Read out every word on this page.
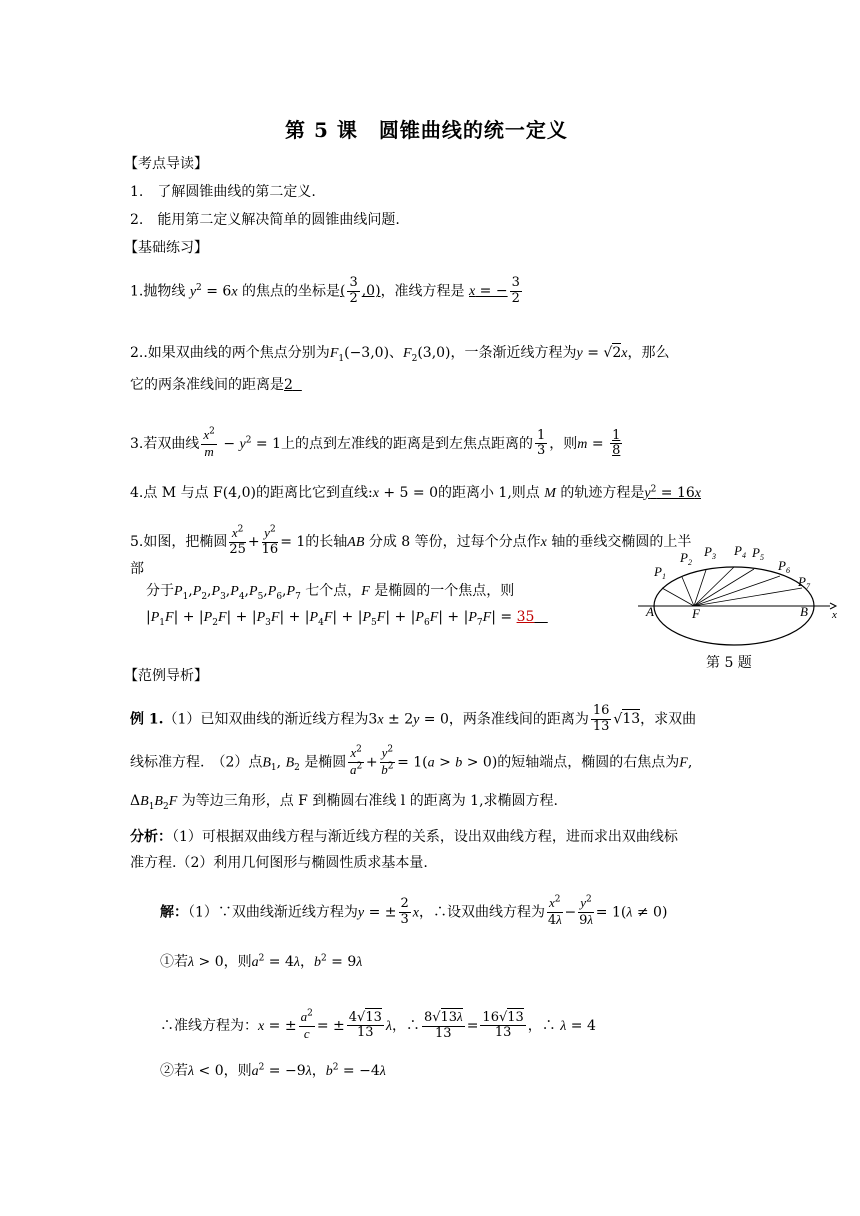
第 5 课　圆锥曲线的统一定义
【考点导读】
1.　了解圆锥曲线的第二定义.
2.　能用第二定义解决简单的圆锥曲线问题.
【基础练习】
1.抛物线 $y^2 = 6x$ 的焦点的坐标是( $\frac{3}{2} ,0$)，准线方程是 x = − $\frac{3}{2}$
2..如果双曲线的两个焦点分别为$F_1(-3,0)$、$F_2(3,0)$，一条渐近线方程为y = √2x，那么
它的两条准线间的距离是2
3.若双曲线 $\frac{x^2}{m} - y^2 = 1$上的点到左准线的距离是到左焦点距离的 $\frac{1}{3}$ ，则$m = \frac{1}{8}$
4.点 M 与点 F(4,0)的距离比它到直线:x + 5 = 0的距离小 1,则点 M 的轨迹方程是$y^2 = 16x$
5.如图，把椭圆 $\frac{x^2}{25} + \frac{y^2}{16} = 1$的长轴AB 分成 8 等份，过每个分点作x 轴的垂线交椭圆的上半
部
分于$P_1,P_2,P_3,P_4,P_5,P_6,P_7$ 七个点，F 是椭圆的一个焦点，则
$|P_1F| + |P_2F| + |P_3F| + |P_4F| + |P_5F| + |P_6F| + |P_7F| = 35$
$P_1$
$P_2$
$P_3$ $P_4$ $P_5$
$P_6$
$P_7$
A	F	B x
第 5 题
【范例导析】
例 1.（1）已知双曲线的渐近线方程为3x ± 2y = 0，两条准线间的距离为 $\frac{16}{13} √13$，求双曲
线标准方程.　（2）点$B_1$, $B_2$ 是椭圆 $\frac{x^2}{a^2} + \frac{y^2}{b^2} = 1(a > b > 0)$的短轴端点，椭圆的右焦点为F,
$\Delta B_1B_2F$ 为等边三角形，点 F 到椭圆右准线 l 的距离为 1,求椭圆方程.
分析：（1）可根据双曲线方程与渐近线方程的关系，设出双曲线方程，进而求出双曲线标
准方程.（2）利用几何图形与椭圆性质求基本量.
解：（1）∵双曲线渐近线方程为y = ± $\frac{2}{3}$ x，∴设双曲线方程为 $\frac{x^2}{4\lambda} - \frac{y^2}{9\lambda} = 1(\lambda \ne 0)$
①若λ > 0，则$a^2 = 4\lambda$，$b^2 = 9\lambda$
∴准线方程为：x = ± $\frac{a^2}{c}$ = ± $\frac{4√13}{13}$ λ，∴ $\frac{8√13\lambda}{13} = \frac{16√13}{13}$ ，∴ λ = 4
②若λ < 0，则$a^2 = -9\lambda$，$b^2 = -4\lambda$
